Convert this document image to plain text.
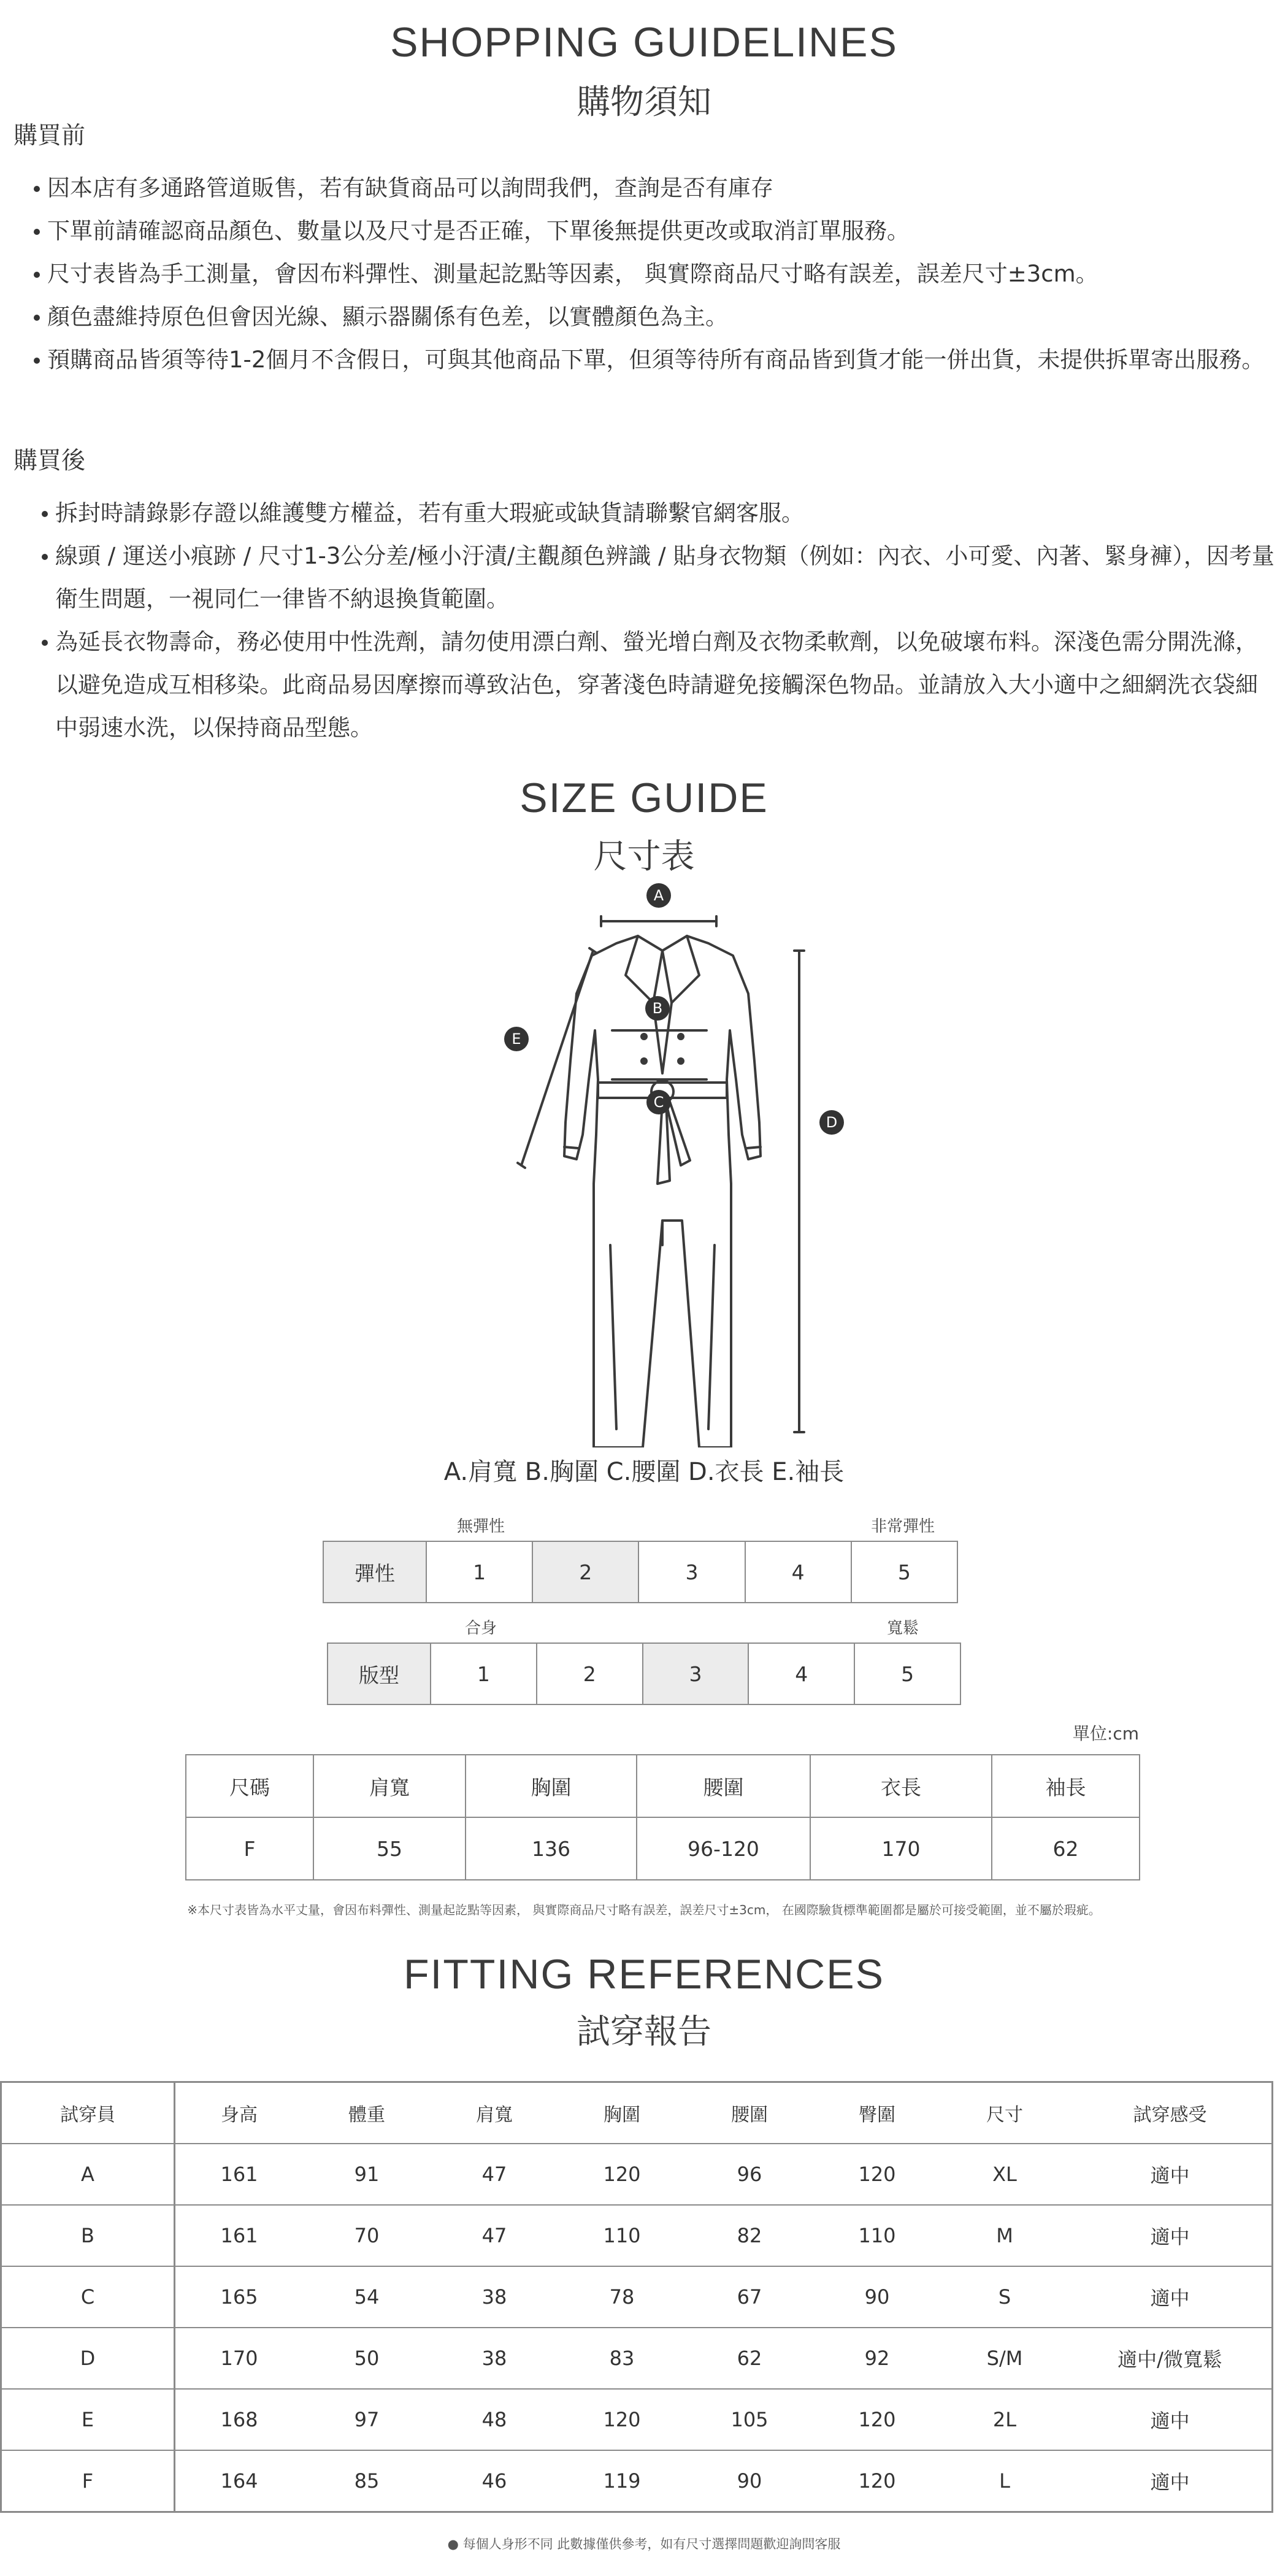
SHOPPING GUIDELINES
購物須知
購買前
因本店有多通路管道販售，若有缺貨商品可以詢問我們，查詢是否有庫存
下單前請確認商品顏色、數量以及尺寸是否正確，下單後無提供更改或取消訂單服務。
尺寸表皆為手工測量，會因布料彈性、測量起訖點等因素， 與實際商品尺寸略有誤差，誤差尺寸±3cm。
顏色盡維持原色但會因光線、顯示器關係有色差，以實體顏色為主。
預購商品皆須等待1-2個月不含假日，可與其他商品下單，但須等待所有商品皆到貨才能一併出貨，未提供拆單寄出服務。
購買後
拆封時請錄影存證以維護雙方權益，若有重大瑕疵或缺貨請聯繫官網客服。
線頭 / 運送小痕跡 / 尺寸1-3公分差/極小汙漬/主觀顏色辨識 / 貼身衣物類（例如：內衣、小可愛、內著、緊身褲），因考量衛生問題，一視同仁一律皆不納退換貨範圍。
為延長衣物壽命，務必使用中性洗劑，請勿使用漂白劑、螢光增白劑及衣物柔軟劑，以免破壞布料。深淺色需分開洗滌，以避免造成互相移染。此商品易因摩擦而導致沾色，穿著淺色時請避免接觸深色物品。並請放入大小適中之細網洗衣袋細中弱速水洗，以保持商品型態。
SIZE GUIDE
尺寸表
A
B
C
D
E
A.肩寬 B.胸圍 C.腰圍 D.衣長 E.袖長
無彈性	非常彈性
彈性	1	2	3	4	5
合身	寬鬆
版型	1	2	3	4	5
單位:cm
尺碼	肩寬	胸圍	腰圍	衣長	袖長
F	55	136	96-120	170	62
※本尺寸表皆為水平丈量，會因布料彈性、測量起訖點等因素， 與實際商品尺寸略有誤差，誤差尺寸±3cm， 在國際驗貨標準範圍都是屬於可接受範圍，並不屬於瑕疵。
FITTING REFERENCES
試穿報告
試穿員	身高	體重	肩寬	胸圍	腰圍	臀圍	尺寸	試穿感受
A	161	91	47	120	96	120	XL	適中
B	161	70	47	110	82	110	M	適中
C	165	54	38	78	67	90	S	適中
D	170	50	38	83	62	92	S/M	適中/微寬鬆
E	168	97	48	120	105	120	2L	適中
F	164	85	46	119	90	120	L	適中
● 每個人身形不同 此數據僅供參考，如有尺寸選擇問題歡迎詢問客服
